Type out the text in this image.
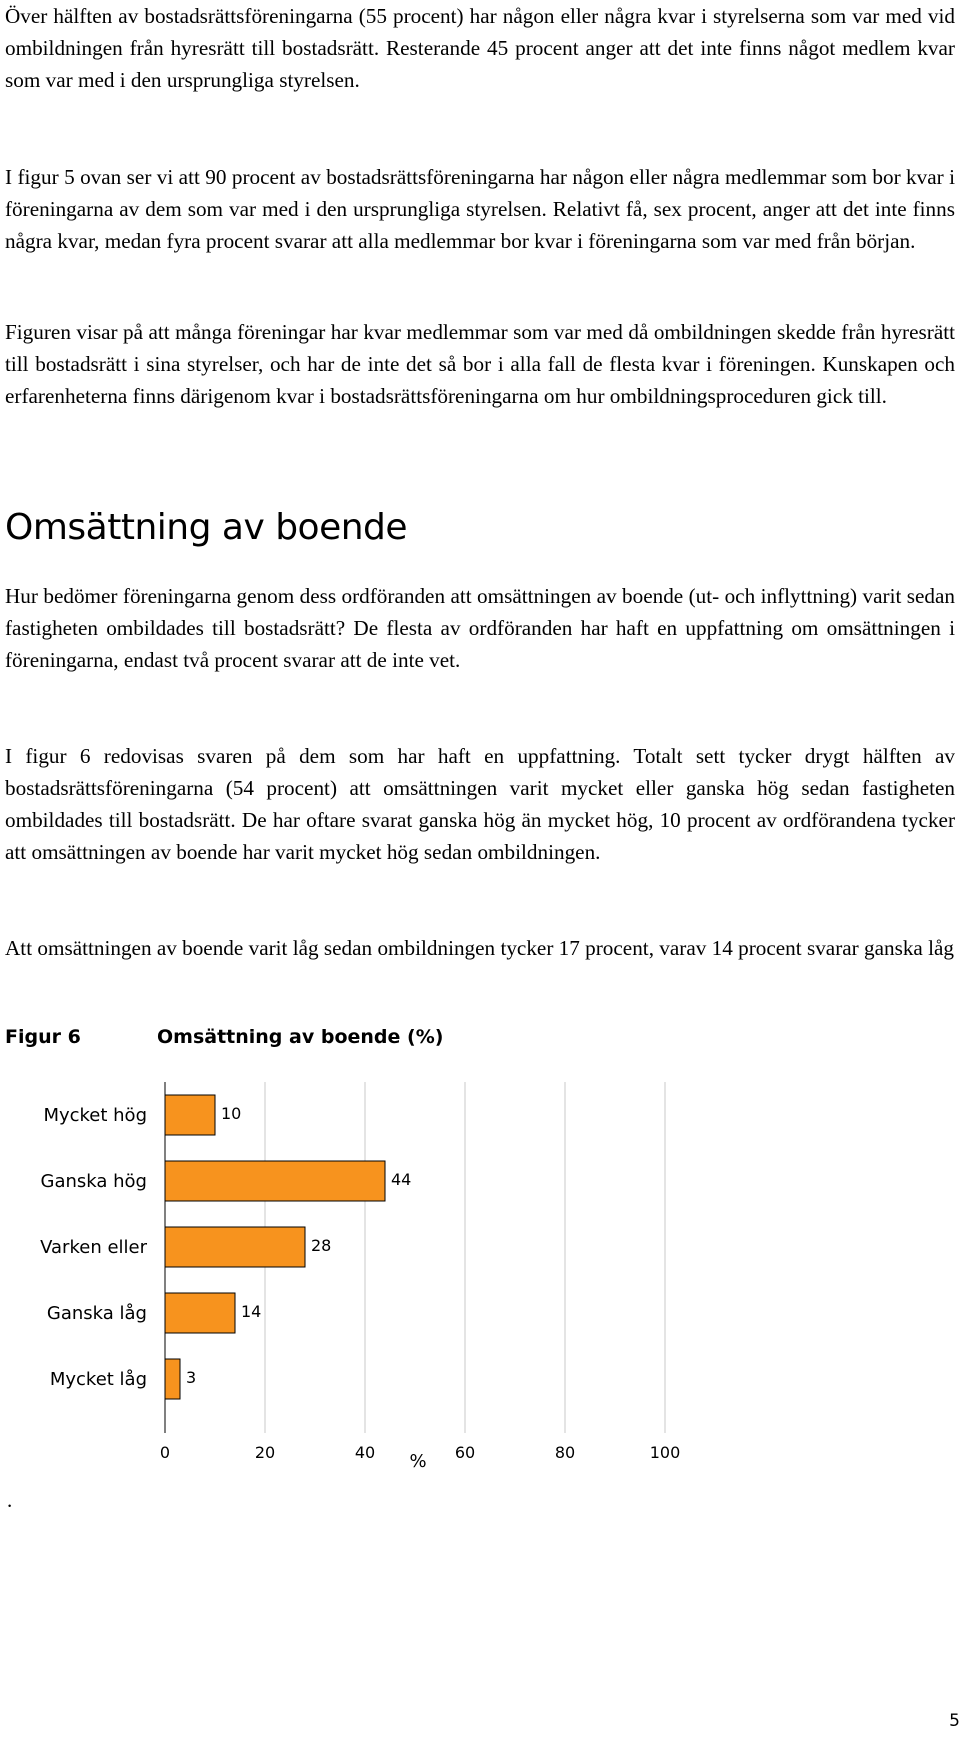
Över hälften av bostadsrättsföreningarna (55 procent) har någon eller några kvar i styrelserna som var med vid ombildningen från hyresrätt till bostadsrätt. Resterande 45 procent anger att det inte finns något medlem kvar som var med i den ursprungliga styrelsen.

I figur 5 ovan ser vi att 90 procent av bostadsrättsföreningarna har någon eller några medlemmar som bor kvar i föreningarna av dem som var med i den ursprungliga styrelsen. Relativt få, sex procent, anger att det inte finns några kvar, medan fyra procent svarar att alla medlemmar bor kvar i föreningarna som var med från början.

Figuren visar på att många föreningar har kvar medlemmar som var med då ombildningen skedde från hyresrätt till bostadsrätt i sina styrelser, och har de inte det så bor i alla fall de flesta kvar i föreningen. Kunskapen och erfarenheterna finns därigenom kvar i bostadsrättsföreningarna om hur ombildningsproceduren gick till.

Omsättning av boende

Hur bedömer föreningarna genom dess ordföranden att omsättningen av boende (ut- och inflyttning) varit sedan fastigheten ombildades till bostadsrätt? De flesta av ordföranden har haft en uppfattning om omsättningen i föreningarna, endast två procent svarar att de inte vet.

I figur 6 redovisas svaren på dem som har haft en uppfattning. Totalt sett tycker drygt hälften av bostadsrättsföreningarna (54 procent) att omsättningen varit mycket eller ganska hög sedan fastigheten ombildades till bostadsrätt. De har oftare svarat ganska hög än mycket hög, 10 procent av ordförandena tycker att omsättningen av boende har varit mycket hög sedan ombildningen.

Att omsättningen av boende varit låg sedan ombildningen tycker 17 procent, varav 14 procent svarar ganska låg

Figur 6	Omsättning av boende (%)
Mycket hög
Ganska hög
Varken eller
Ganska låg
Mycket låg
10
44
28
14
3
0	20	40	60	80	100
%
.
5
